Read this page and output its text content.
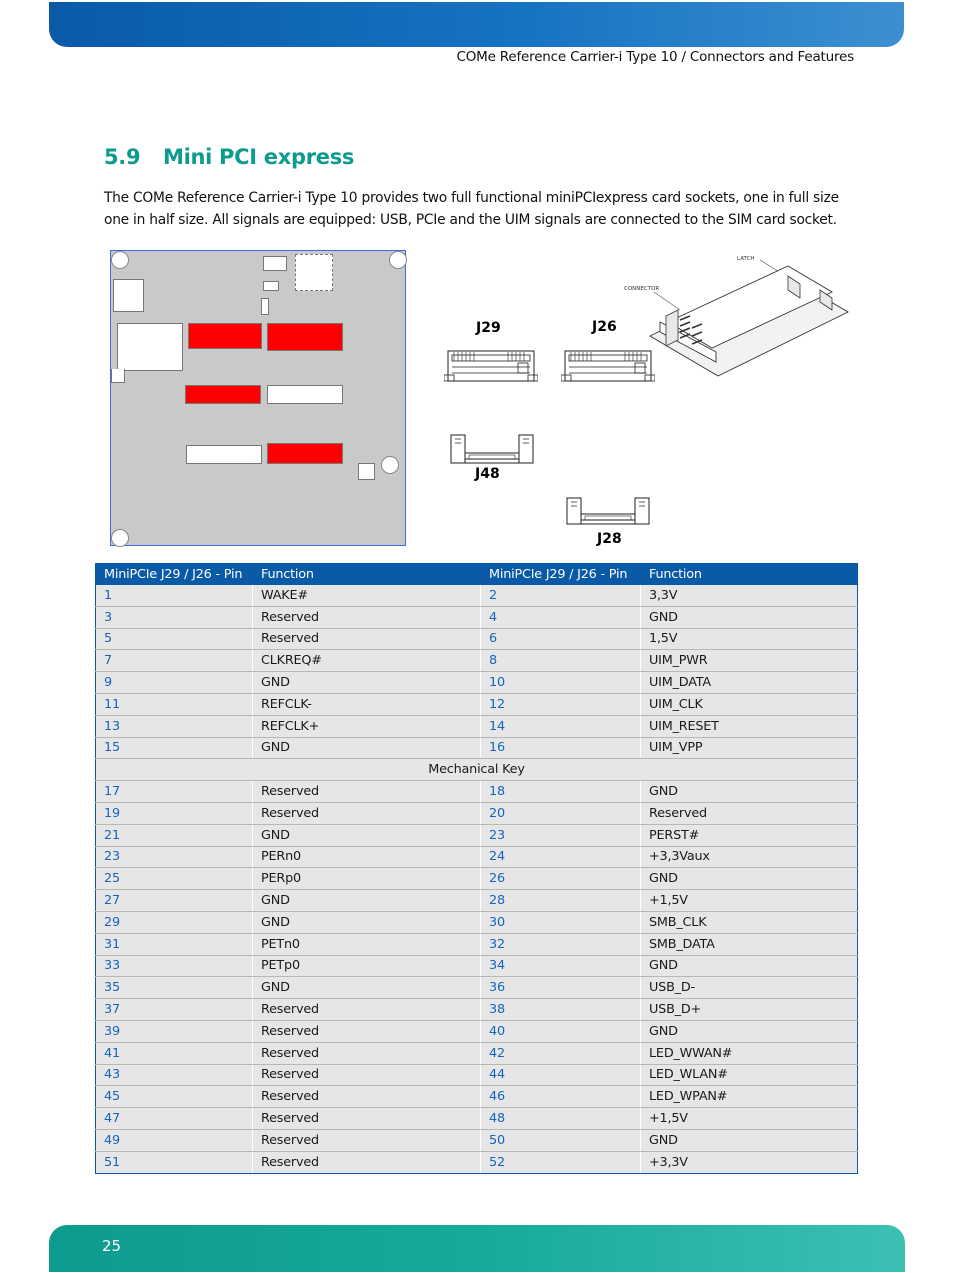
COMe Reference Carrier-i Type 10 / Connectors and Features
5.9 Mini PCI express
The COMe Reference Carrier-i Type 10 provides two full functional miniPCIexpress card sockets, one in full size one in half size. All signals are equipped: USB, PCIe and the UIM signals are connected to the SIM card socket.
J29	J26
J48
J28
LATCH
CONNECTOR
MiniPCIe J29 / J26 - Pin	Function	MiniPCIe J29 / J26 - Pin	Function
1	WAKE#	2	3,3V
3	Reserved	4	GND
5	Reserved	6	1,5V
7	CLKREQ#	8	UIM_PWR
9	GND	10	UIM_DATA
11	REFCLK-	12	UIM_CLK
13	REFCLK+	14	UIM_RESET
15	GND	16	UIM_VPP
Mechanical Key			
17	Reserved	18	GND
19	Reserved	20	Reserved
21	GND	23	PERST#
23	PERn0	24	+3,3Vaux
25	PERp0	26	GND
27	GND	28	+1,5V
29	GND	30	SMB_CLK
31	PETn0	32	SMB_DATA
33	PETp0	34	GND
35	GND	36	USB_D-
37	Reserved	38	USB_D+
39	Reserved	40	GND
41	Reserved	42	LED_WWAN#
43	Reserved	44	LED_WLAN#
45	Reserved	46	LED_WPAN#
47	Reserved	48	+1,5V
49	Reserved	50	GND
51	Reserved	52	+3,3V
25
